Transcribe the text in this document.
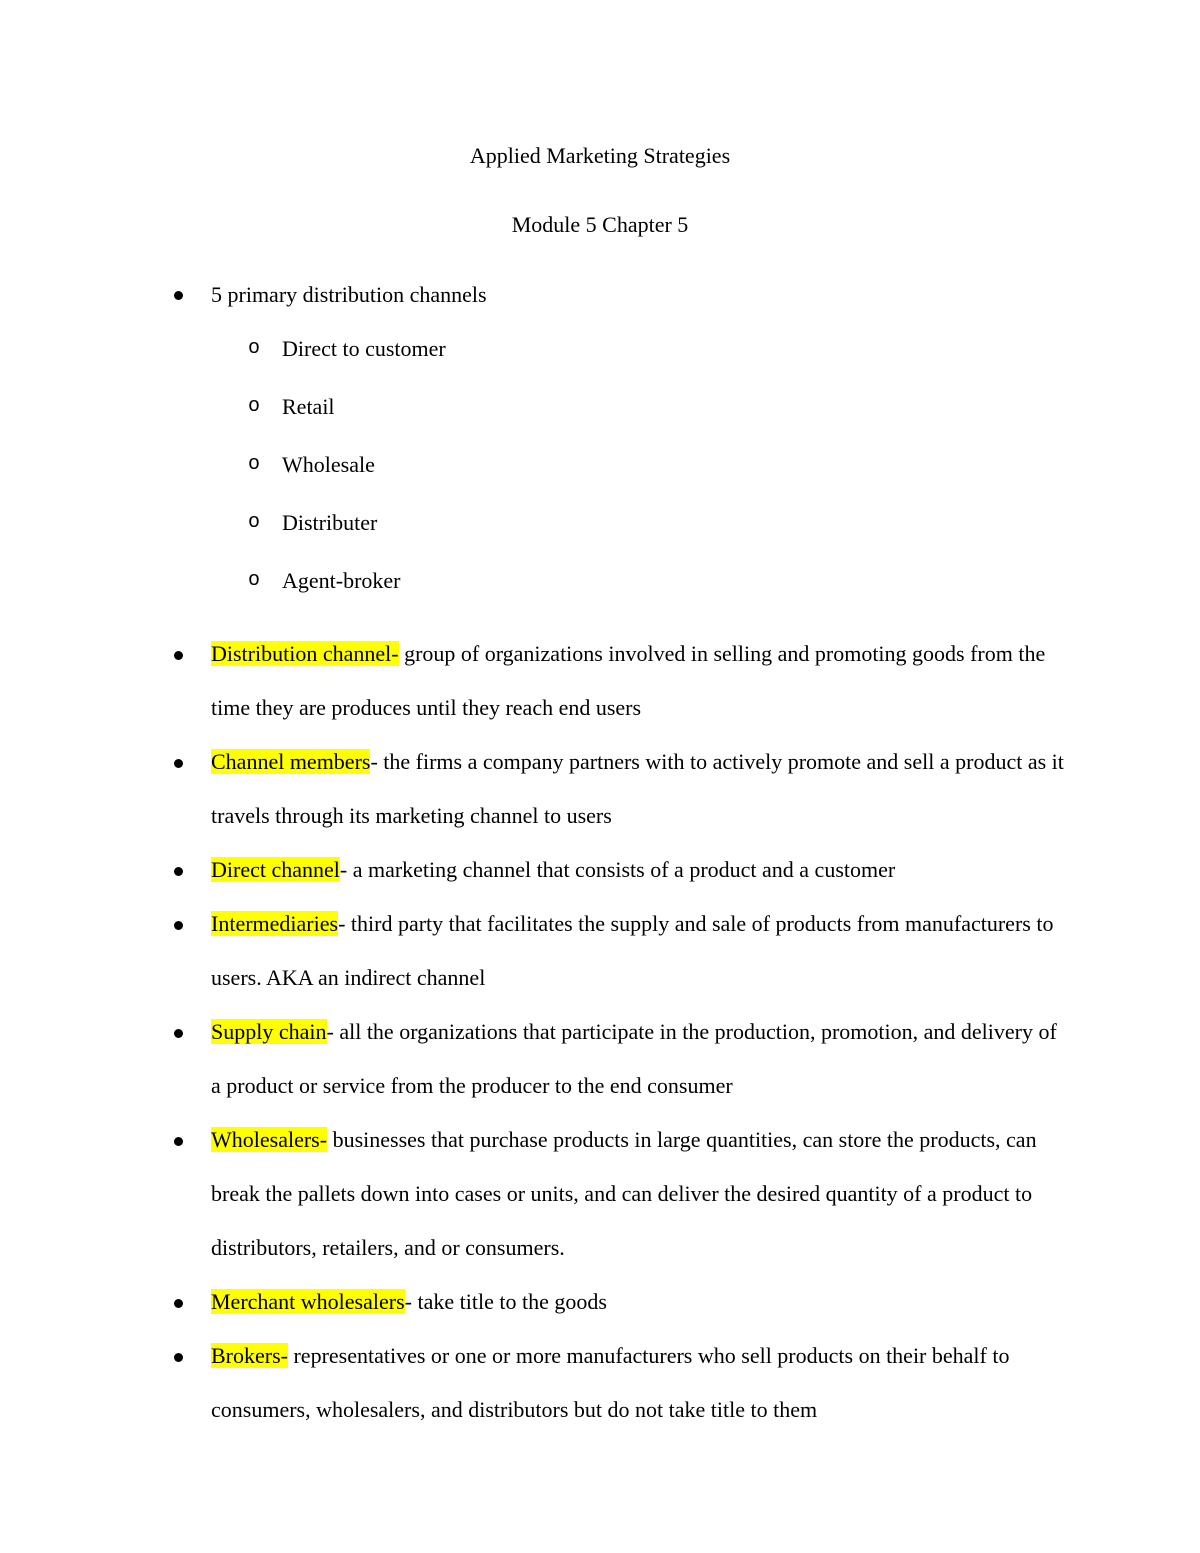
Applied Marketing Strategies
Module 5 Chapter 5
5 primary distribution channels
o Direct to customer
o Retail
o Wholesale
o Distributer
o Agent-broker
Distribution channel- group of organizations involved in selling and promoting goods from the time they are produces until they reach end users
Channel members- the firms a company partners with to actively promote and sell a product as it travels through its marketing channel to users
Direct channel- a marketing channel that consists of a product and a customer
Intermediaries- third party that facilitates the supply and sale of products from manufacturers to users. AKA an indirect channel
Supply chain- all the organizations that participate in the production, promotion, and delivery of a product or service from the producer to the end consumer
Wholesalers- businesses that purchase products in large quantities, can store the products, can break the pallets down into cases or units, and can deliver the desired quantity of a product to distributors, retailers, and or consumers.
Merchant wholesalers- take title to the goods
Brokers- representatives or one or more manufacturers who sell products on their behalf to consumers, wholesalers, and distributors but do not take title to them
